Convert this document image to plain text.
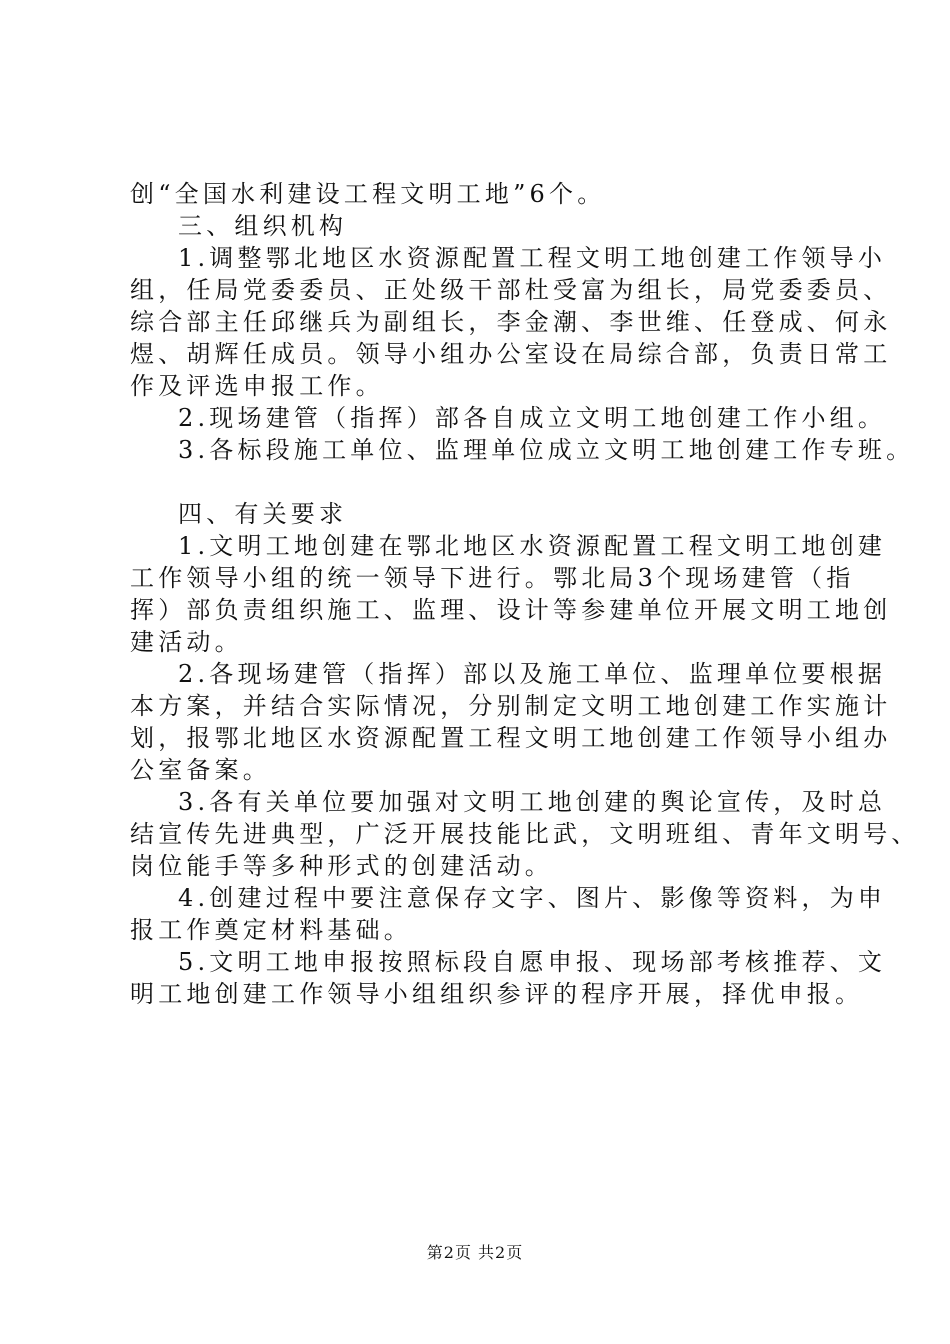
创“全国水利建设工程文明工地”6个。
三、组织机构
1.调整鄂北地区水资源配置工程文明工地创建工作领导小
组，任局党委委员、正处级干部杜受富为组长，局党委委员、
综合部主任邱继兵为副组长，李金潮、李世维、任登成、何永
煜、胡辉任成员。领导小组办公室设在局综合部，负责日常工
作及评选申报工作。
2.现场建管（指挥）部各自成立文明工地创建工作小组。
3.各标段施工单位、监理单位成立文明工地创建工作专班。
四、有关要求
1.文明工地创建在鄂北地区水资源配置工程文明工地创建
工作领导小组的统一领导下进行。鄂北局3个现场建管（指
挥）部负责组织施工、监理、设计等参建单位开展文明工地创
建活动。
2.各现场建管（指挥）部以及施工单位、监理单位要根据
本方案，并结合实际情况，分别制定文明工地创建工作实施计
划，报鄂北地区水资源配置工程文明工地创建工作领导小组办
公室备案。
3.各有关单位要加强对文明工地创建的舆论宣传，及时总
结宣传先进典型，广泛开展技能比武，文明班组、青年文明号、
岗位能手等多种形式的创建活动。
4.创建过程中要注意保存文字、图片、影像等资料，为申
报工作奠定材料基础。
5.文明工地申报按照标段自愿申报、现场部考核推荐、文
明工地创建工作领导小组组织参评的程序开展，择优申报。
第2页 共2页
